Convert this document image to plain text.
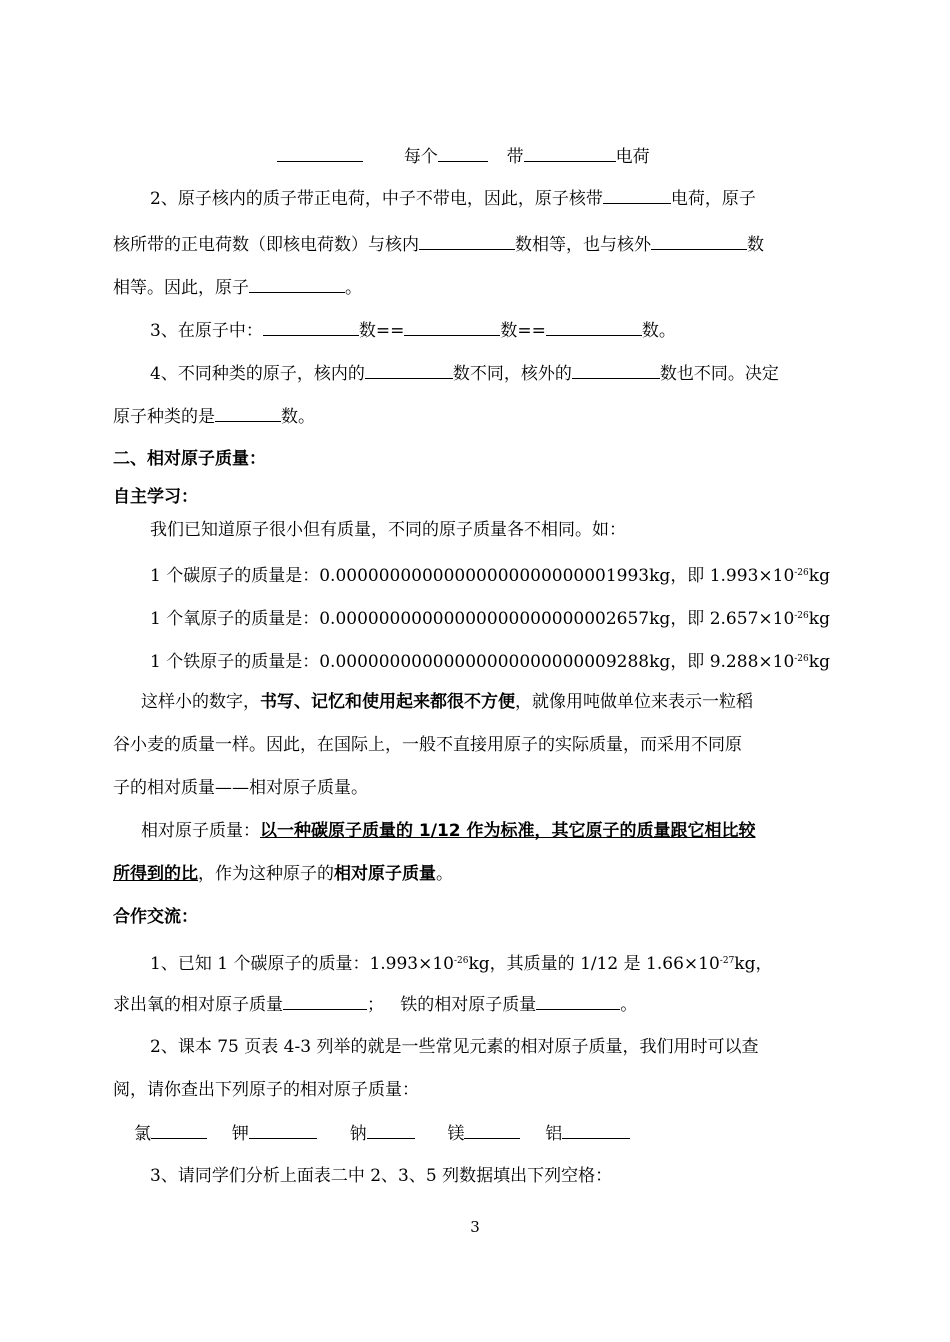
每个	带	电荷
2、原子核内的质子带正电荷，中子不带电，因此，原子核带	电荷，原子
核所带的正电荷数（即核电荷数）与核内	数相等，也与核外	数
相等。因此，原子	。
3、在原子中：	数==	数==	数。
4、不同种类的原子，核内的	数不同，核外的	数也不同。决定
原子种类的是	数。
二、相对原子质量：
自主学习：
我们已知道原子很小但有质量，不同的原子质量各不相同。如：
1 个碳原子的质量是：0.00000000000000000000000001993kg，即 $1.993\times 10^{-26}kg$
1 个氧原子的质量是：0.00000000000000000000000002657kg，即 $2.657\times 10^{-26}kg$
1 个铁原子的质量是：0.00000000000000000000000009288kg，即 $9.288\times 10^{-26}kg$
这样小的数字，书写、记忆和使用起来都很不方便，就像用吨做单位来表示一粒稻
谷小麦的质量一样。因此，在国际上，一般不直接用原子的实际质量，而采用不同原
子的相对质量——相对原子质量。
相对原子质量：以一种碳原子质量的 1/12 作为标准，其它原子的质量跟它相比较
所得到的比，作为这种原子的相对原子质量。
合作交流：
1、已知 1 个碳原子的质量：$1.993\times 10^{-26}kg$，其质量的 1/12 是 $1.66\times 10^{-27}kg$，
求出氧的相对原子质量	；   铁的相对原子质量	。
2、课本 75 页表 4-3 列举的就是一些常见元素的相对原子质量，我们用时可以查
阅，请你查出下列原子的相对原子质量：
氯	钾	钠	镁	铝
3、请同学们分析上面表二中 2、3、5 列数据填出下列空格：
3
